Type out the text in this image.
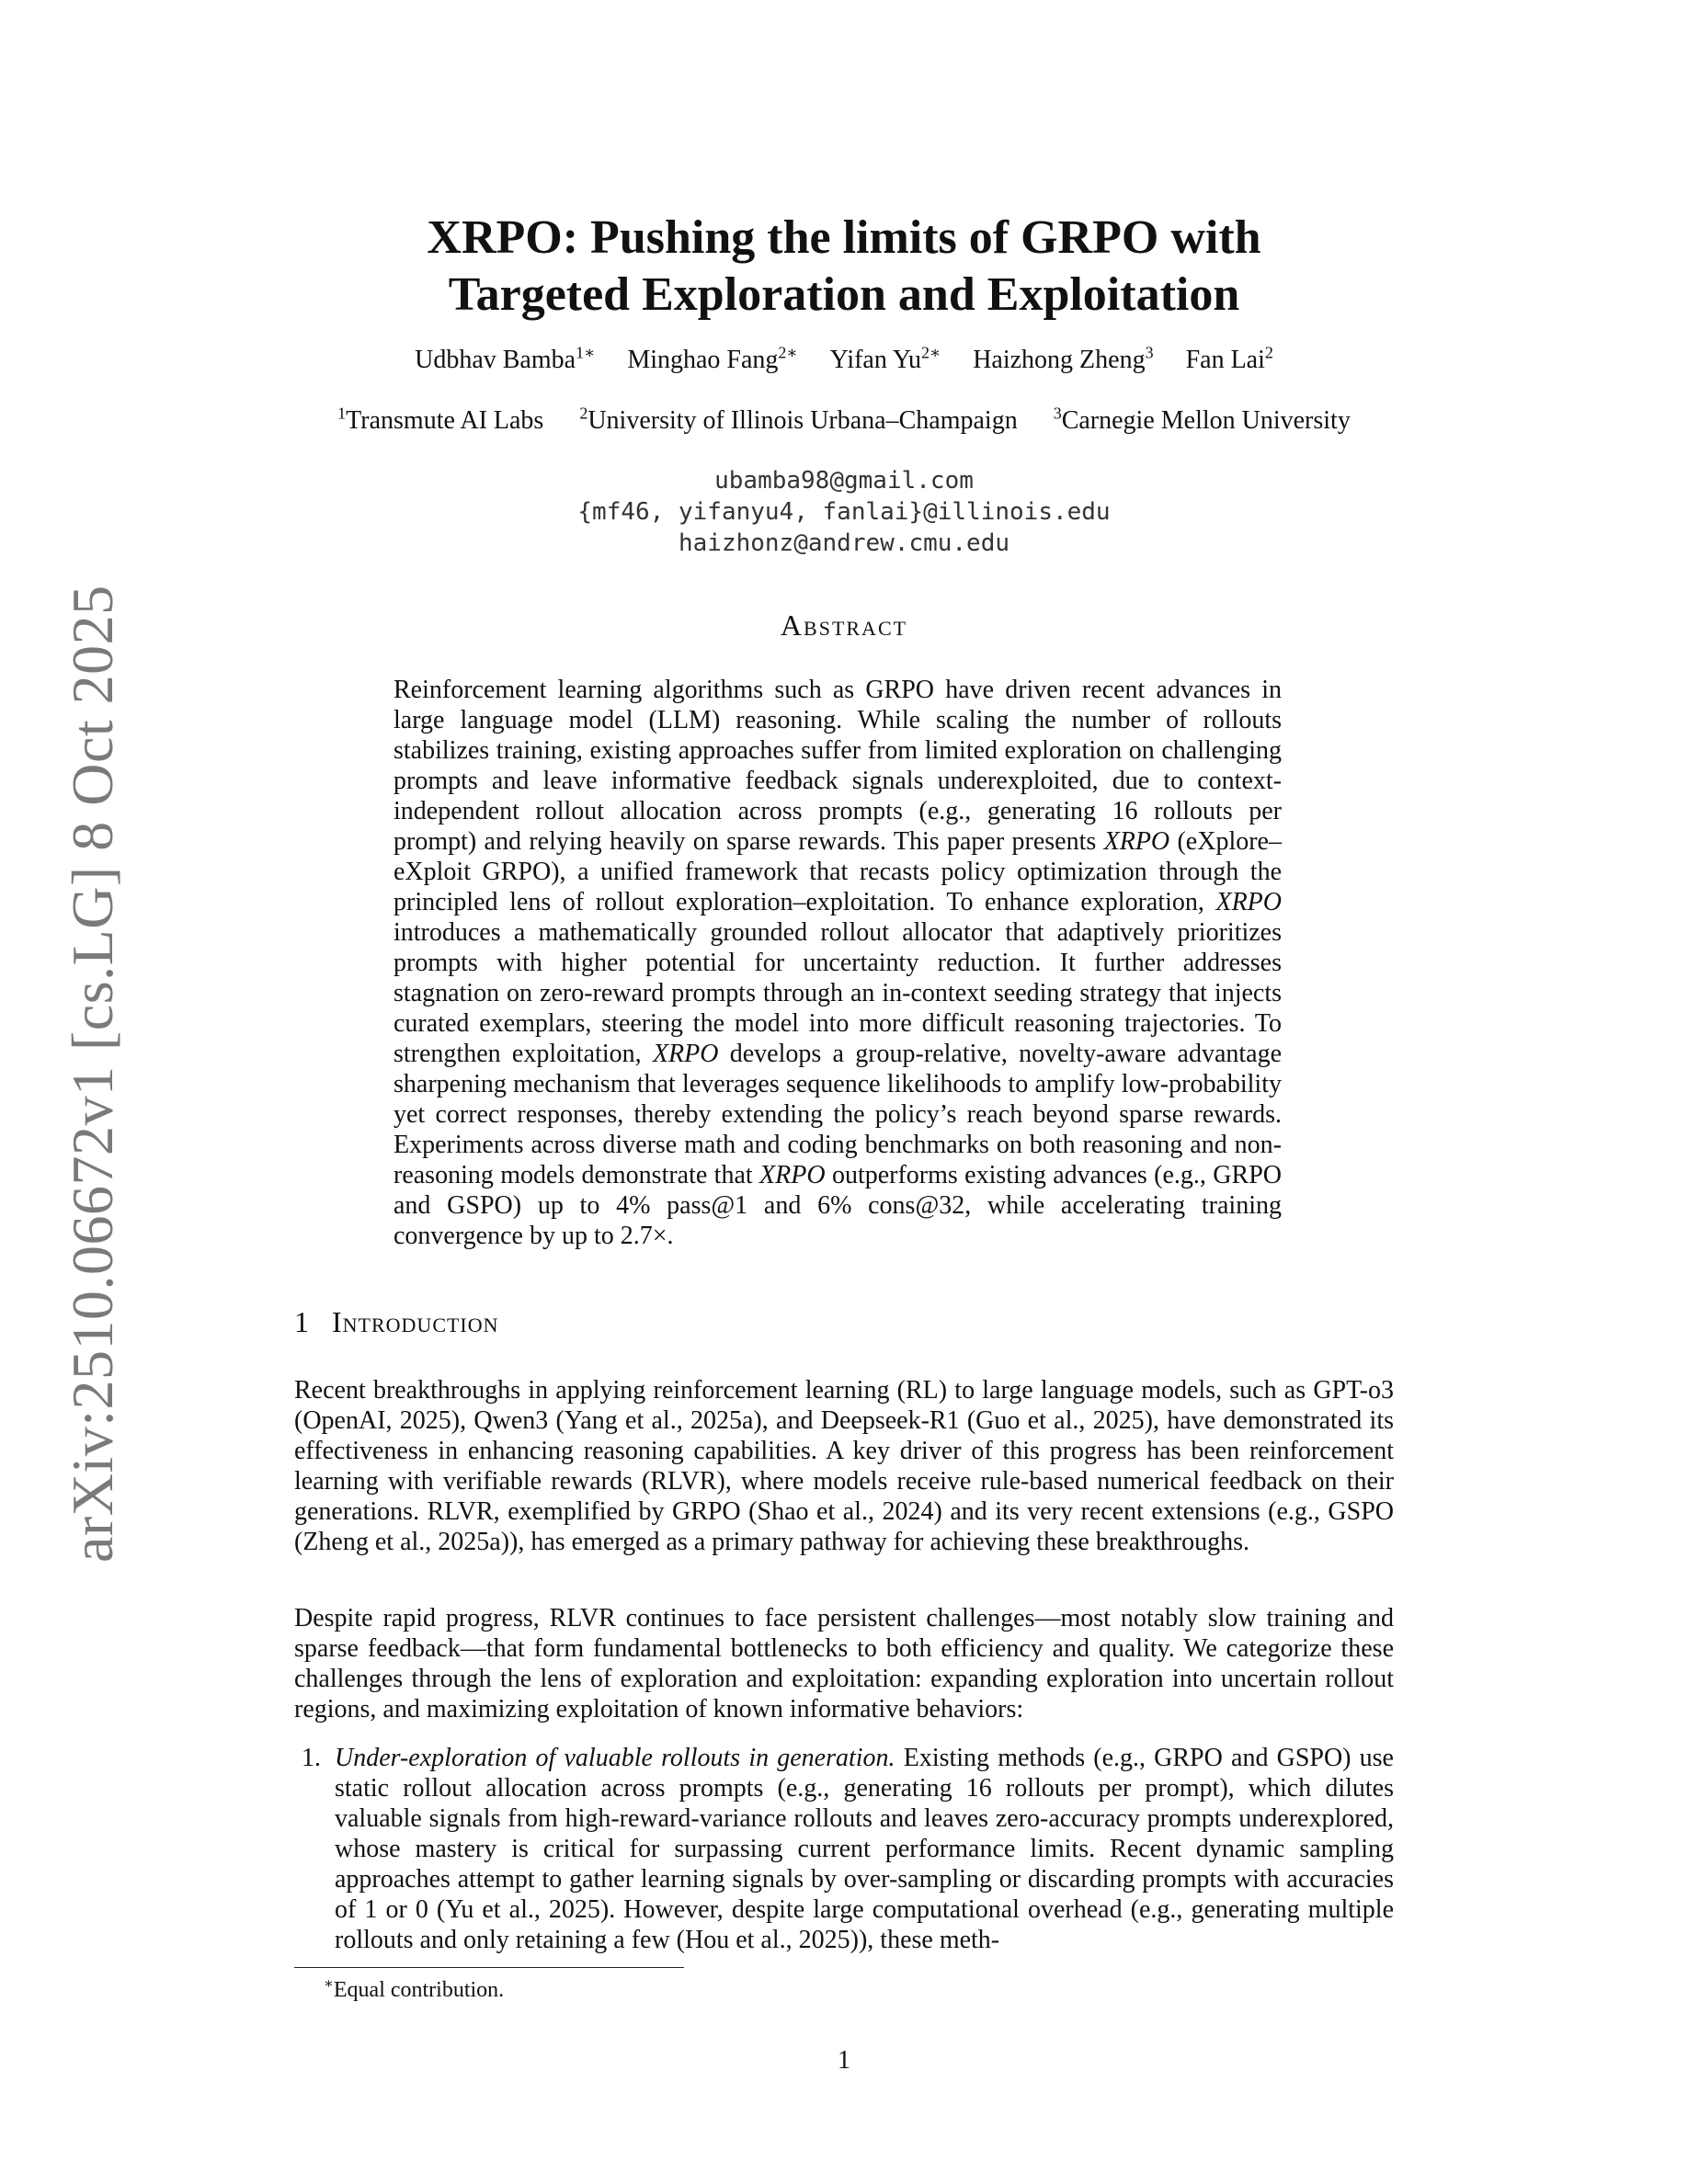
arXiv:2510.06672v1 [cs.LG] 8 Oct 2025
XRPO: Pushing the limits of GRPO with
Targeted Exploration and Exploitation
Udbhav Bamba$^{1∗}$ Minghao Fang$^{2∗}$ Yifan $Yu^{2∗}$ Haizhong Zheng$^3$ Fan Lai$^2$
$^1$Transmute AI Labs $^2$University of Illinois Urbana–Champaign $^3$Carnegie Mellon University
ubamba98@gmail.com
{mf46, yifanyu4, fanlai}@illinois.edu
haizhonz@andrew.cmu.edu
Abstract
Reinforcement learning algorithms such as GRPO have driven recent advances in large language model (LLM) reasoning. While scaling the number of rollouts stabilizes training, existing approaches suffer from limited exploration on challenging prompts and leave informative feedback signals underexploited, due to context-independent rollout allocation across prompts (e.g., generating 16 rollouts per prompt) and relying heavily on sparse rewards. This paper presents XRPO (eXplore–eXploit GRPO), a unified framework that recasts policy optimization through the principled lens of rollout exploration–exploitation. To enhance exploration, XRPO introduces a mathematically grounded rollout allocator that adaptively prioritizes prompts with higher potential for uncertainty reduction. It further addresses stagnation on zero-reward prompts through an in-context seeding strategy that injects curated exemplars, steering the model into more difficult reasoning trajectories. To strengthen exploitation, XRPO develops a group-relative, novelty-aware advantage sharpening mechanism that leverages sequence likelihoods to amplify low-probability yet correct responses, thereby extending the policy’s reach beyond sparse rewards. Experiments across diverse math and coding benchmarks on both reasoning and non-reasoning models demonstrate that XRPO outperforms existing advances (e.g., GRPO and GSPO) up to 4% pass@1 and 6% cons@32, while accelerating training convergence by up to 2.7×.
1 Introduction
Recent breakthroughs in applying reinforcement learning (RL) to large language models, such as GPT-o3 (OpenAI, 2025), Qwen3 (Yang et al., 2025a), and Deepseek-R1 (Guo et al., 2025), have demonstrated its effectiveness in enhancing reasoning capabilities. A key driver of this progress has been reinforcement learning with verifiable rewards (RLVR), where models receive rule-based numerical feedback on their generations. RLVR, exemplified by GRPO (Shao et al., 2024) and its very recent extensions (e.g., GSPO (Zheng et al., 2025a)), has emerged as a primary pathway for achieving these breakthroughs.
Despite rapid progress, RLVR continues to face persistent challenges—most notably slow training and sparse feedback—that form fundamental bottlenecks to both efficiency and quality. We categorize these challenges through the lens of exploration and exploitation: expanding exploration into uncertain rollout regions, and maximizing exploitation of known informative behaviors:
1. Under-exploration of valuable rollouts in generation. Existing methods (e.g., GRPO and GSPO) use static rollout allocation across prompts (e.g., generating 16 rollouts per prompt), which dilutes valuable signals from high-reward-variance rollouts and leaves zero-accuracy prompts underexplored, whose mastery is critical for surpassing current performance limits. Recent dynamic sampling approaches attempt to gather learning signals by over-sampling or discarding prompts with accuracies of 1 or 0 (Yu et al., 2025). However, despite large computational overhead (e.g., generating multiple rollouts and only retaining a few (Hou et al., 2025)), these meth-
∗Equal contribution.
1
